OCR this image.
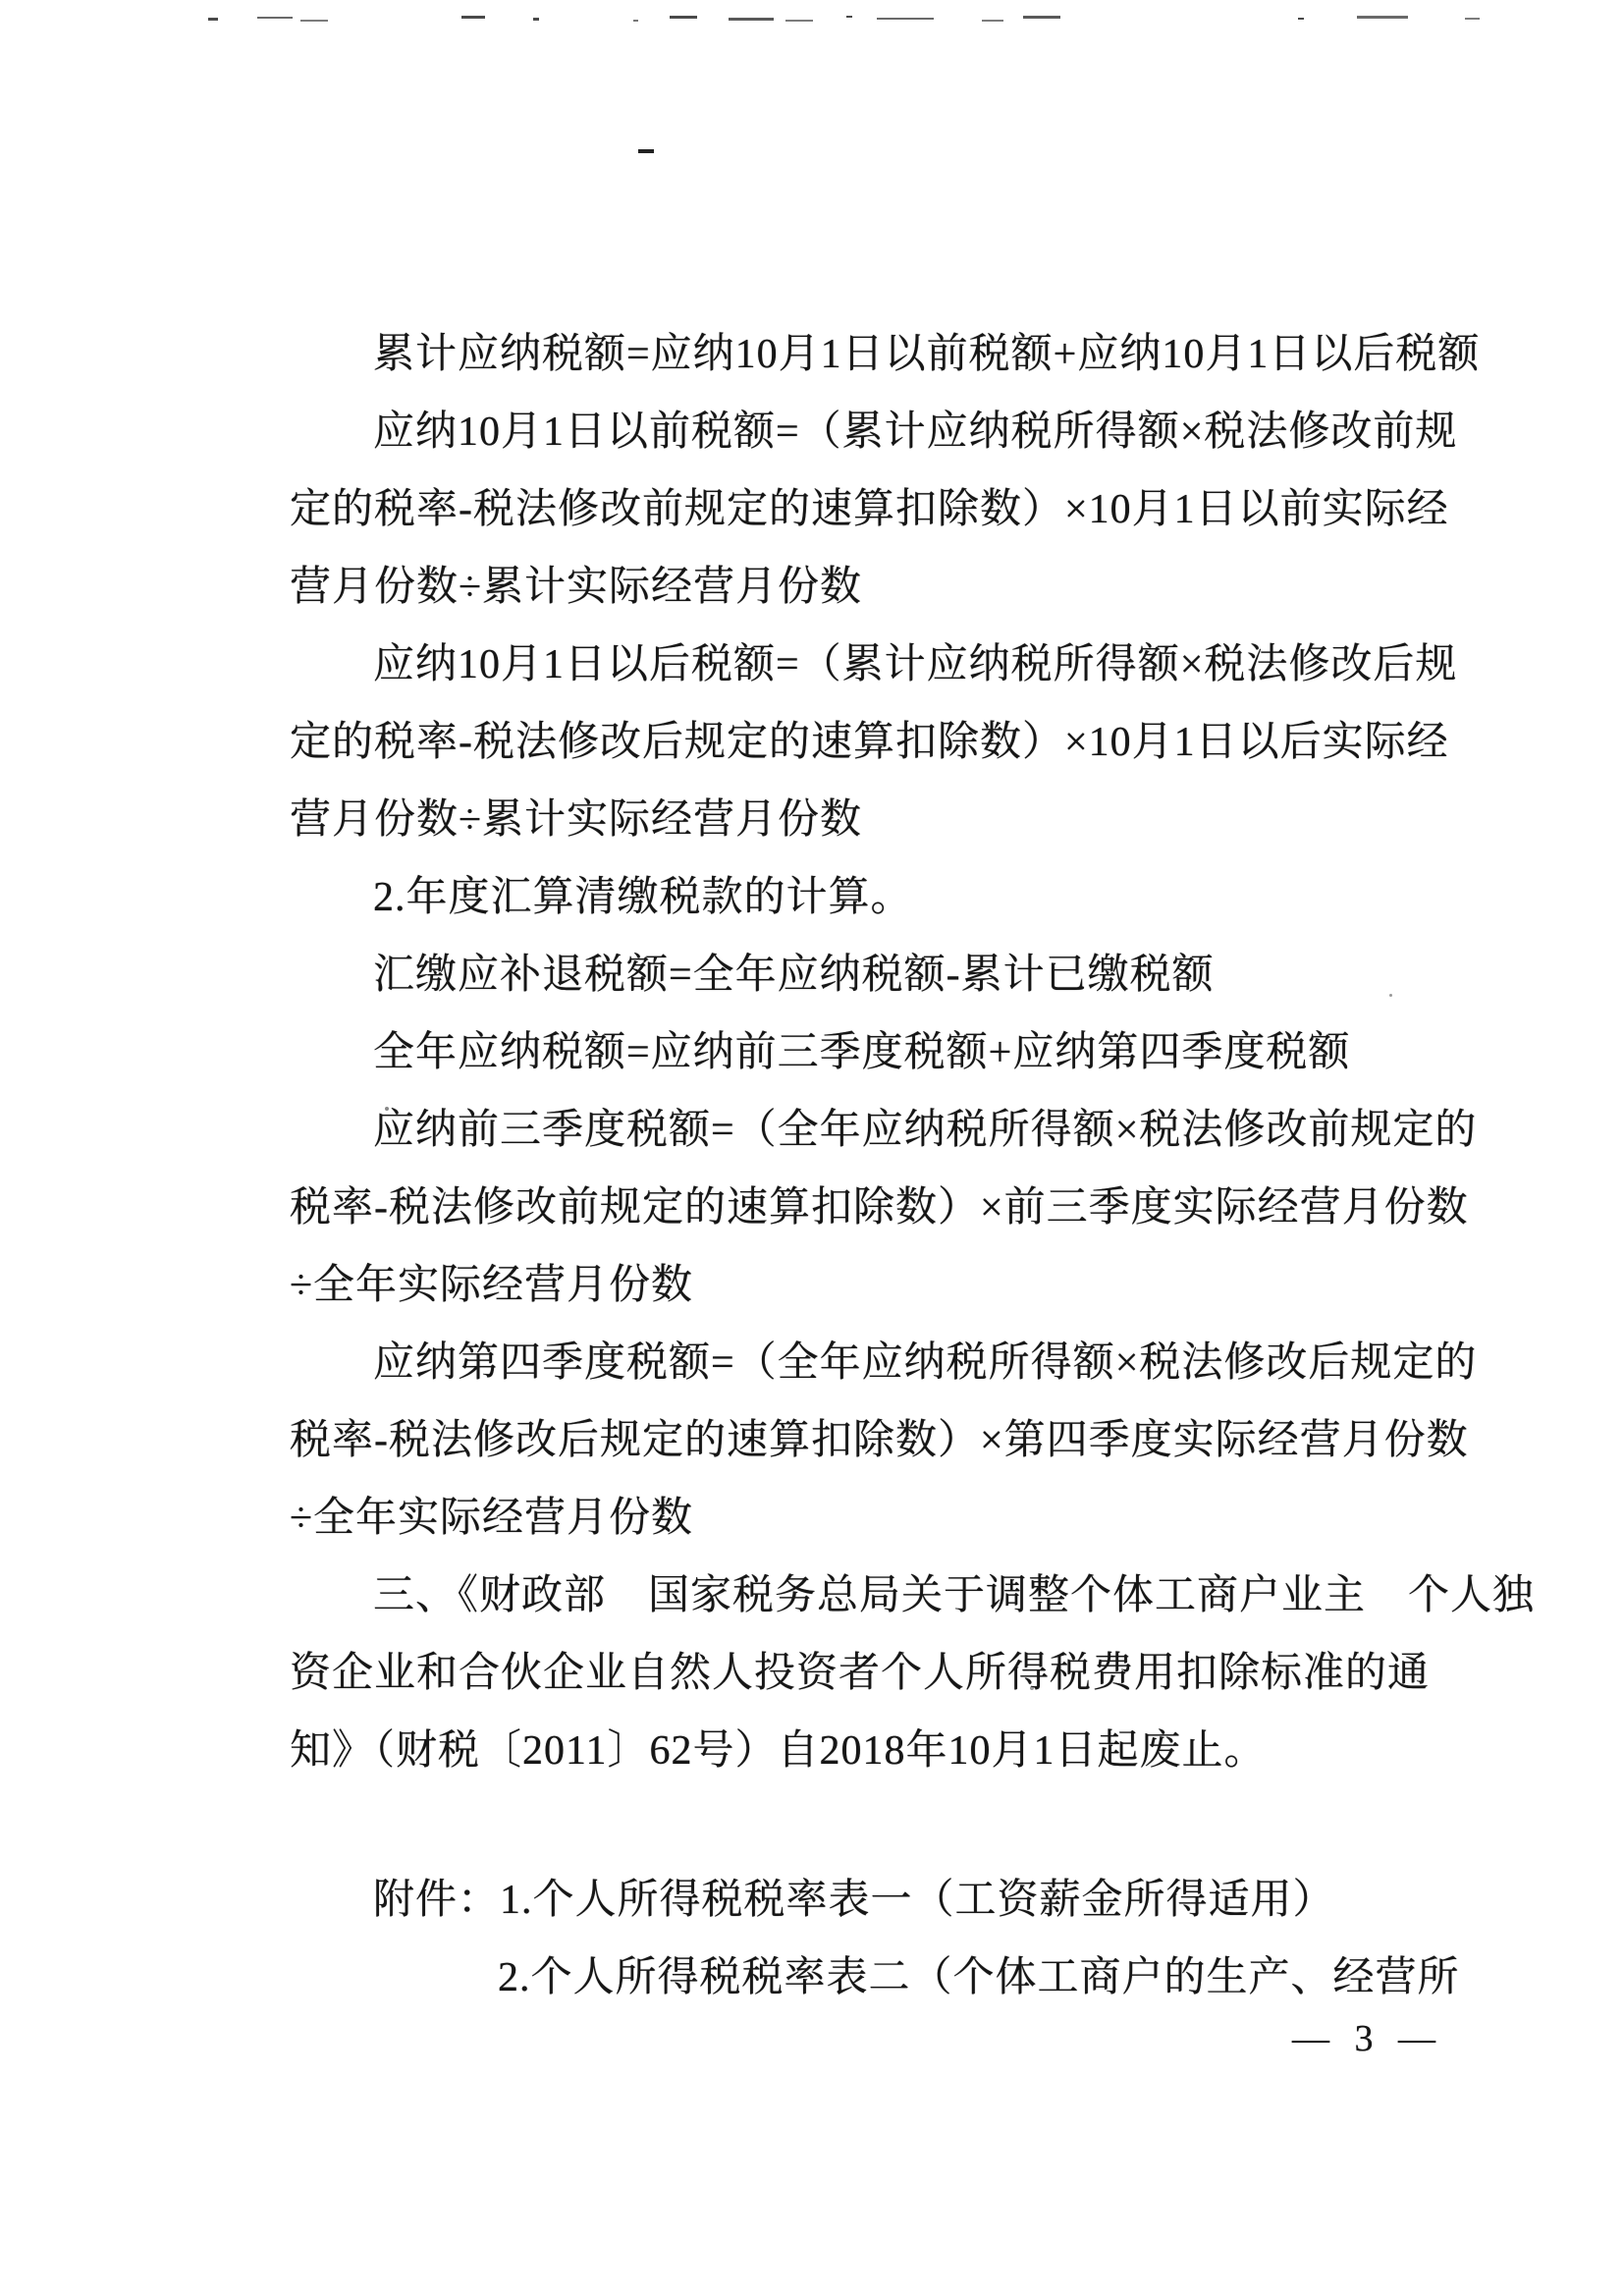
累计应纳税额=应纳10月1日以前税额+应纳10月1日以后税额
应纳10月1日以前税额=（累计应纳税所得额×税法修改前规
定的税率-税法修改前规定的速算扣除数）×10月1日以前实际经
营月份数÷累计实际经营月份数
应纳10月1日以后税额=（累计应纳税所得额×税法修改后规
定的税率-税法修改后规定的速算扣除数）×10月1日以后实际经
营月份数÷累计实际经营月份数
2.年度汇算清缴税款的计算。
汇缴应补退税额=全年应纳税额-累计已缴税额
全年应纳税额=应纳前三季度税额+应纳第四季度税额
应纳前三季度税额=（全年应纳税所得额×税法修改前规定的
税率-税法修改前规定的速算扣除数）×前三季度实际经营月份数
÷全年实际经营月份数
应纳第四季度税额=（全年应纳税所得额×税法修改后规定的
税率-税法修改后规定的速算扣除数）×第四季度实际经营月份数
÷全年实际经营月份数
三、《财政部　国家税务总局关于调整个体工商户业主　个人独
资企业和合伙企业自然人投资者个人所得税费用扣除标准的通
知》（财税〔2011〕62号）自2018年10月1日起废止。
附件：1.个人所得税税率表一（工资薪金所得适用）
2.个人所得税税率表二（个体工商户的生产、经营所
— 3 —
